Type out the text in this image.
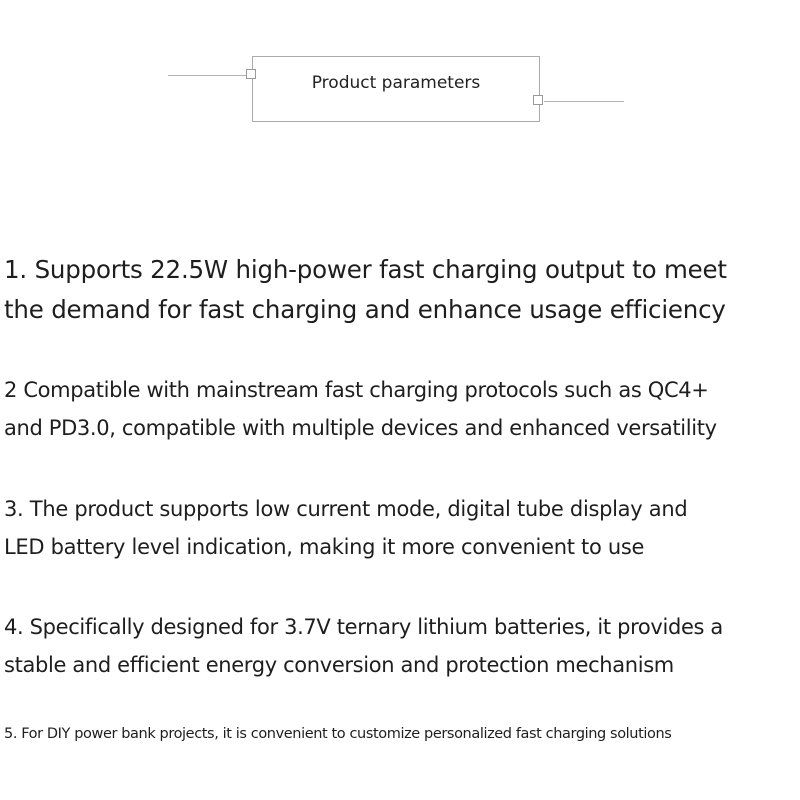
Product parameters
1. Supports 22.5W high-power fast charging output to meet
the demand for fast charging and enhance usage efficiency
2 Compatible with mainstream fast charging protocols such as QC4+
and PD3.0, compatible with multiple devices and enhanced versatility
3. The product supports low current mode, digital tube display and
LED battery level indication, making it more convenient to use
4. Specifically designed for 3.7V ternary lithium batteries, it provides a
stable and efficient energy conversion and protection mechanism
5. For DIY power bank projects, it is convenient to customize personalized fast charging solutions
